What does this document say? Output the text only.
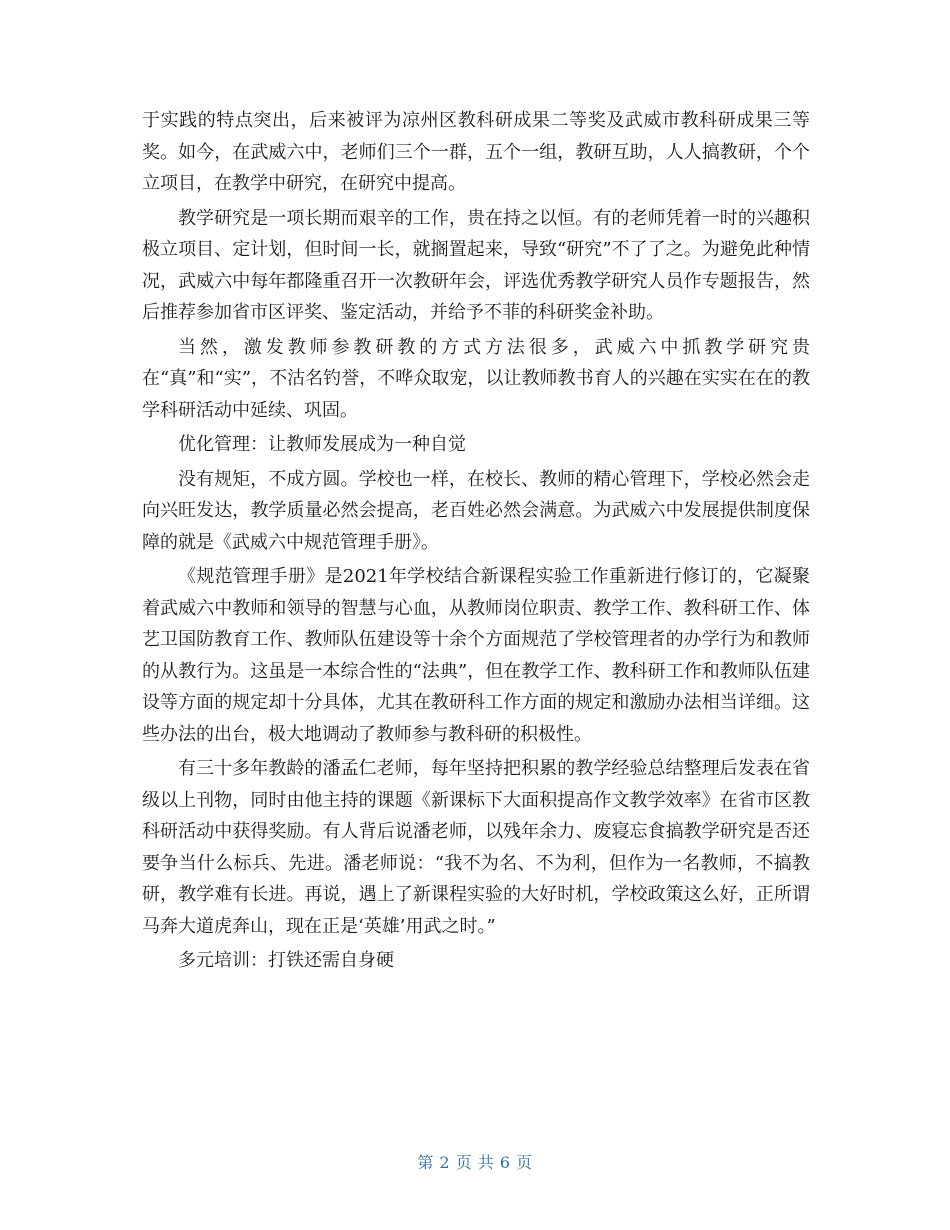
于实践的特点突出，后来被评为凉州区教科研成果二等奖及武威市教科研成果三等奖。如今，在武威六中，老师们三个一群，五个一组，教研互助，人人搞教研，个个立项目，在教学中研究，在研究中提高。

教学研究是一项长期而艰辛的工作，贵在持之以恒。有的老师凭着一时的兴趣积极立项目、定计划，但时间一长，就搁置起来，导致“研究”不了了之。为避免此种情况，武威六中每年都隆重召开一次教研年会，评选优秀教学研究人员作专题报告，然后推荐参加省市区评奖、鉴定活动，并给予不菲的科研奖金补助。

当然，激发教师参教研教的方式方法很多，武威六中抓教学研究贵在“真”和“实”，不沽名钓誉，不哗众取宠，以让教师教书育人的兴趣在实实在在的教学科研活动中延续、巩固。

优化管理：让教师发展成为一种自觉

没有规矩，不成方圆。学校也一样，在校长、教师的精心管理下，学校必然会走向兴旺发达，教学质量必然会提高，老百姓必然会满意。为武威六中发展提供制度保障的就是《武威六中规范管理手册》。

《规范管理手册》是2021年学校结合新课程实验工作重新进行修订的，它凝聚着武威六中教师和领导的智慧与心血，从教师岗位职责、教学工作、教科研工作、体艺卫国防教育工作、教师队伍建设等十余个方面规范了学校管理者的办学行为和教师的从教行为。这虽是一本综合性的“法典”，但在教学工作、教科研工作和教师队伍建设等方面的规定却十分具体，尤其在教研科工作方面的规定和激励办法相当详细。这些办法的出台，极大地调动了教师参与教科研的积极性。

有三十多年教龄的潘孟仁老师，每年坚持把积累的教学经验总结整理后发表在省级以上刊物，同时由他主持的课题《新课标下大面积提高作文教学效率》在省市区教科研活动中获得奖励。有人背后说潘老师，以残年余力、废寝忘食搞教学研究是否还要争当什么标兵、先进。潘老师说：“我不为名、不为利，但作为一名教师，不搞教研，教学难有长进。再说，遇上了新课程实验的大好时机，学校政策这么好，正所谓马奔大道虎奔山，现在正是‘英雄’用武之时。”

多元培训：打铁还需自身硬

第 2 页 共 6 页
